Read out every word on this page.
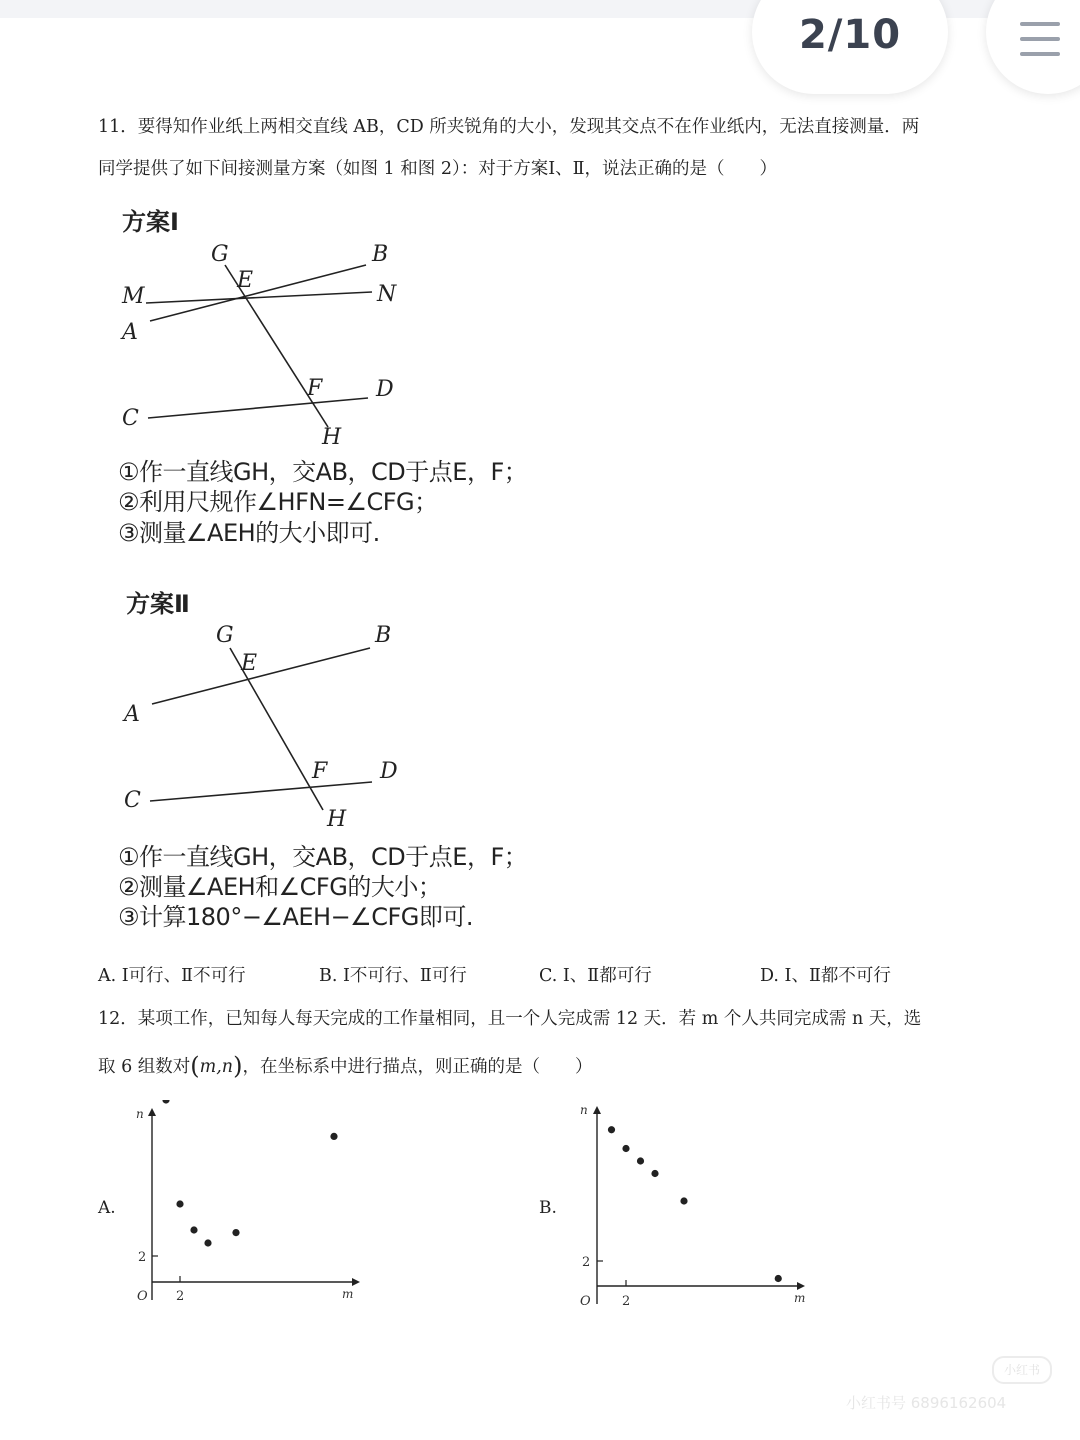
2/10
11．要得知作业纸上两相交直线 AB，CD 所夹锐角的大小，发现其交点不在作业纸内，无法直接测量．两
同学提供了如下间接测量方案（如图 1 和图 2）：对于方案Ⅰ、Ⅱ，说法正确的是（　　）
方案Ⅰ
G	B
E
M	N
A
F D
C
H
①作一直线GH，交AB，CD于点E，F；
②利用尺规作∠HFN=∠CFG；
③测量∠AEH的大小即可.
方案Ⅱ
G	B
E
A
F D
C
H
①作一直线GH，交AB，CD于点E，F；
②测量∠AEH和∠CFG的大小；
③计算180°−∠AEH−∠CFG即可.
A. Ⅰ可行、Ⅱ不可行	B. Ⅰ不可行、Ⅱ可行	C. Ⅰ、Ⅱ都可行	D. Ⅰ、Ⅱ都不可行
12．某项工作，已知每人每天完成的工作量相同，且一个人完成需 12 天．若 m 个人共同完成需 n 天，选
取 6 组数对(m,n)，在坐标系中进行描点，则正确的是（　　）
A.
n
m
O 2
2
B.
n
m
O 2
2
小红书
小红书号 6896162604
